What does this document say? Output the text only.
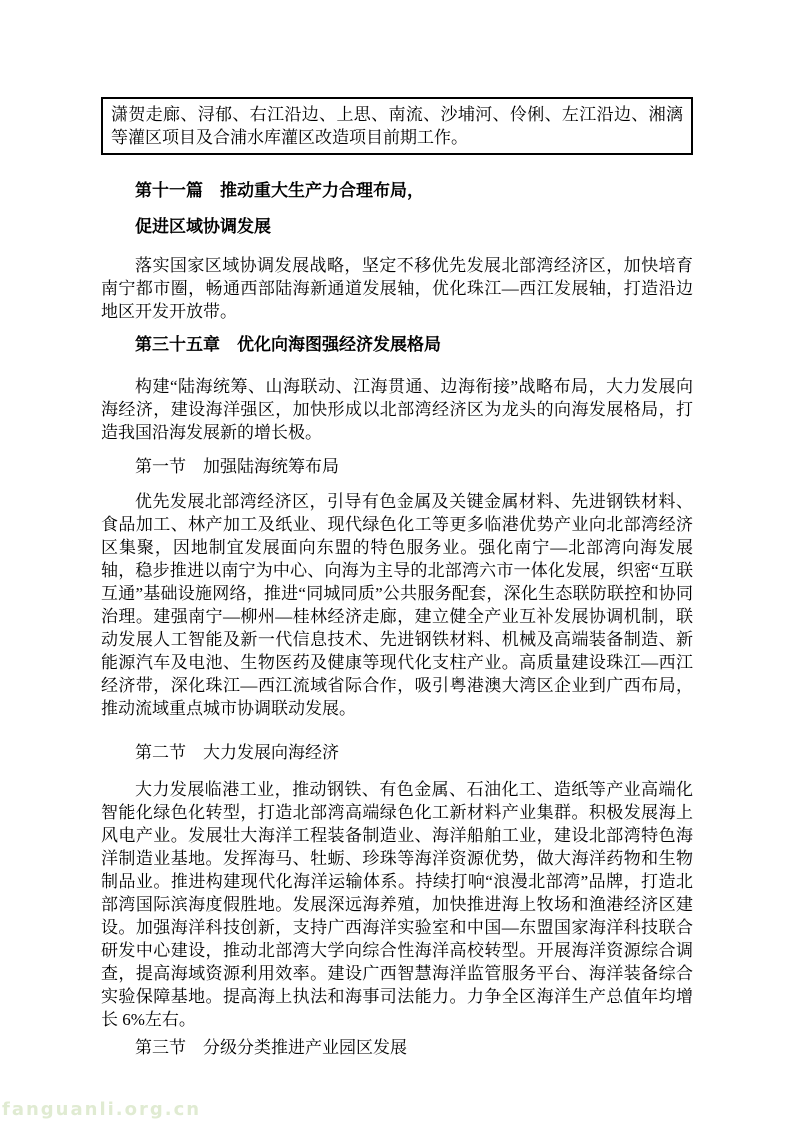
潇贺走廊、浔郁、右江沿边、上思、南流、沙埔河、伶俐、左江沿边、湘漓等灌区项目及合浦水库灌区改造项目前期工作。

第十一篇　推动重大生产力合理布局，

促进区域协调发展

落实国家区域协调发展战略，坚定不移优先发展北部湾经济区，加快培育南宁都市圈，畅通西部陆海新通道发展轴，优化珠江—西江发展轴，打造沿边地区开发开放带。

第三十五章　优化向海图强经济发展格局

构建“陆海统筹、山海联动、江海贯通、边海衔接”战略布局，大力发展向海经济，建设海洋强区，加快形成以北部湾经济区为龙头的向海发展格局，打造我国沿海发展新的增长极。

第一节　加强陆海统筹布局

优先发展北部湾经济区，引导有色金属及关键金属材料、先进钢铁材料、食品加工、林产加工及纸业、现代绿色化工等更多临港优势产业向北部湾经济区集聚，因地制宜发展面向东盟的特色服务业。强化南宁—北部湾向海发展轴，稳步推进以南宁为中心、向海为主导的北部湾六市一体化发展，织密“互联互通”基础设施网络，推进“同城同质”公共服务配套，深化生态联防联控和协同治理。建强南宁—柳州—桂林经济走廊，建立健全产业互补发展协调机制，联动发展人工智能及新一代信息技术、先进钢铁材料、机械及高端装备制造、新能源汽车及电池、生物医药及健康等现代化支柱产业。高质量建设珠江—西江经济带，深化珠江—西江流域省际合作，吸引粤港澳大湾区企业到广西布局，推动流域重点城市协调联动发展。

第二节　大力发展向海经济

大力发展临港工业，推动钢铁、有色金属、石油化工、造纸等产业高端化智能化绿色化转型，打造北部湾高端绿色化工新材料产业集群。积极发展海上风电产业。发展壮大海洋工程装备制造业、海洋船舶工业，建设北部湾特色海洋制造业基地。发挥海马、牡蛎、珍珠等海洋资源优势，做大海洋药物和生物制品业。推进构建现代化海洋运输体系。持续打响“浪漫北部湾”品牌，打造北部湾国际滨海度假胜地。发展深远海养殖，加快推进海上牧场和渔港经济区建设。加强海洋科技创新，支持广西海洋实验室和中国—东盟国家海洋科技联合研发中心建设，推动北部湾大学向综合性海洋高校转型。开展海洋资源综合调查，提高海域资源利用效率。建设广西智慧海洋监管服务平台、海洋装备综合实验保障基地。提高海上执法和海事司法能力。力争全区海洋生产总值年均增长 6%左右。

第三节　分级分类推进产业园区发展

fanguanli.org.cn
